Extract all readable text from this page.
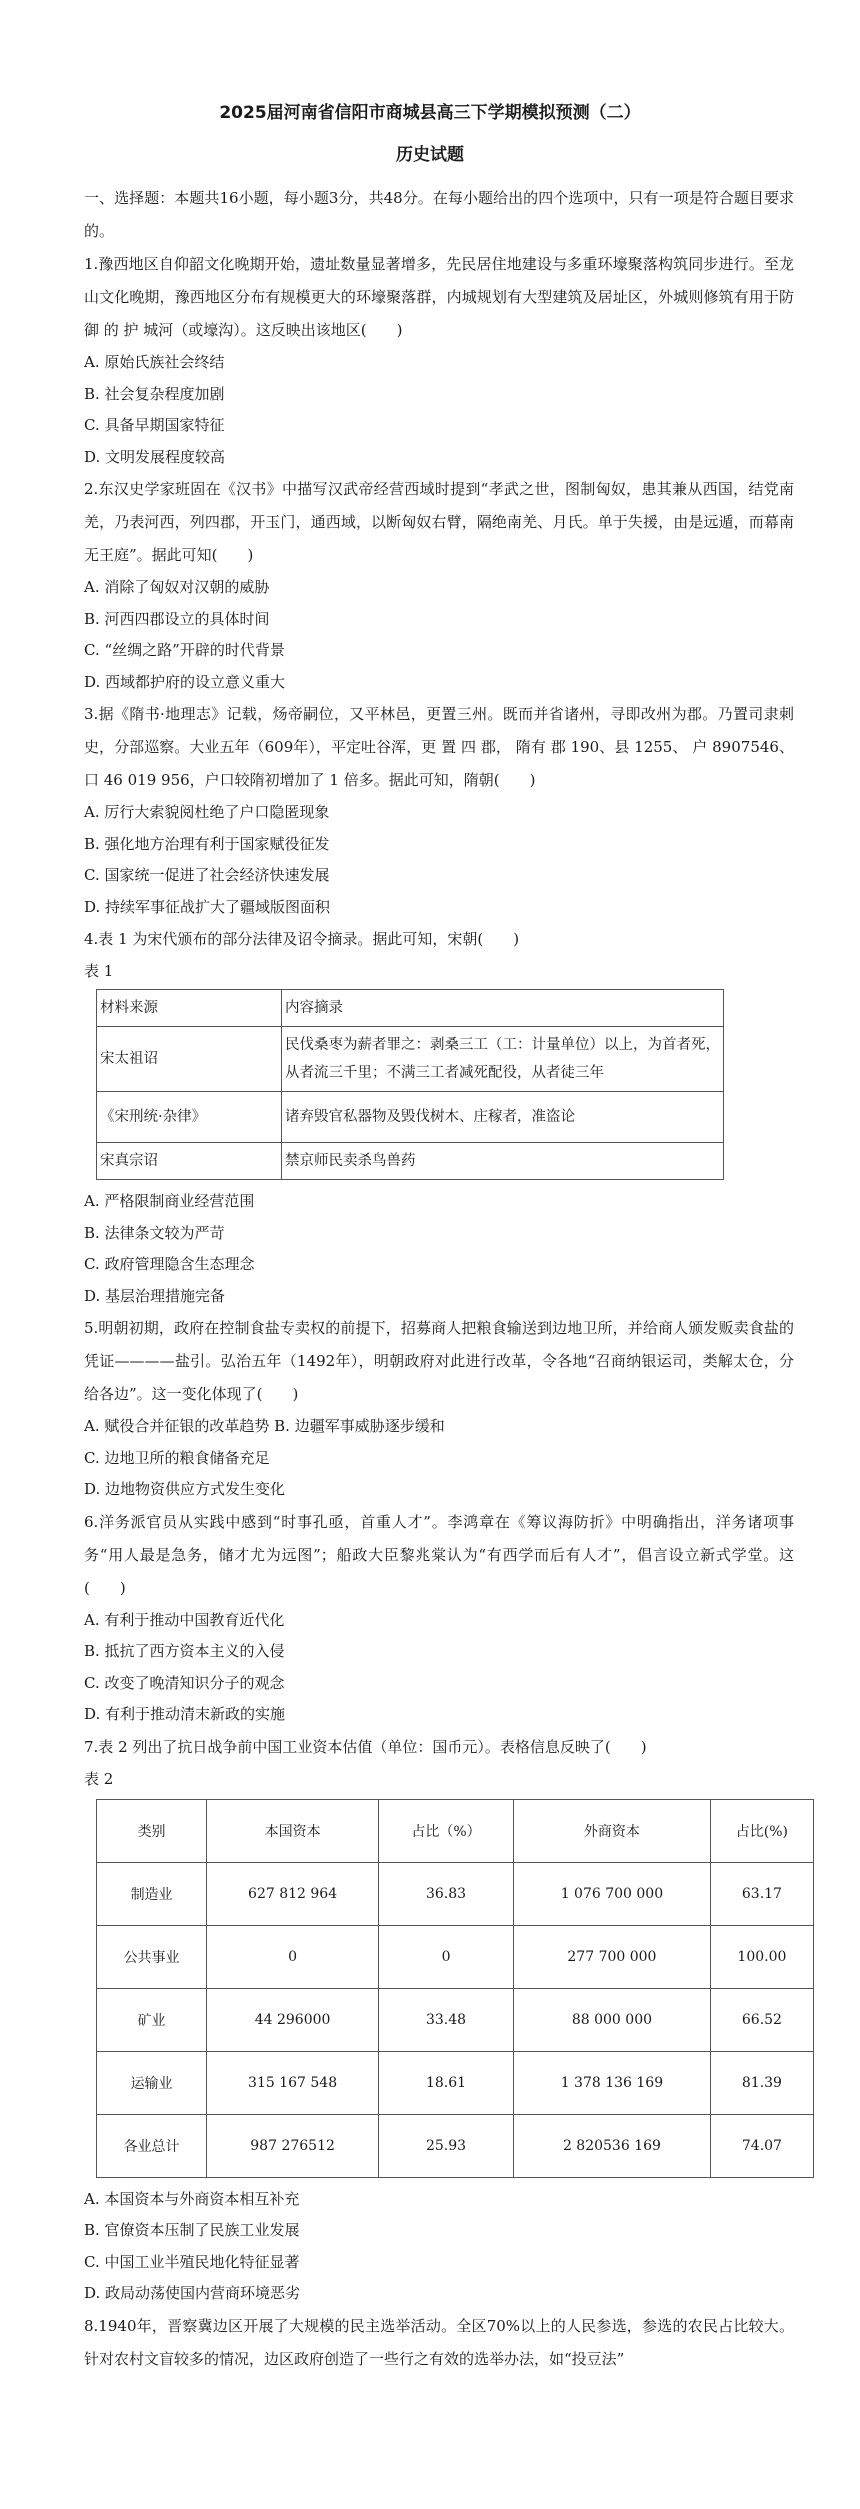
2025届河南省信阳市商城县高三下学期模拟预测（二）
历史试题

一、选择题：本题共16小题，每小题3分，共48分。在每小题给出的四个选项中，只有一项是符合题目要求的。

1.豫西地区自仰韶文化晚期开始，遗址数量显著增多，先民居住地建设与多重环壕聚落构筑同步进行。至龙山文化晚期，豫西地区分布有规模更大的环壕聚落群，内城规划有大型建筑及居址区，外城则修筑有用于防御 的 护 城河（或壕沟）。这反映出该地区(　　)

A. 原始氏族社会终结

B. 社会复杂程度加剧

C. 具备早期国家特征

D. 文明发展程度较高

2.东汉史学家班固在《汉书》中描写汉武帝经营西域时提到“孝武之世，图制匈奴，患其兼从西国，结党南羌，乃表河西，列四郡，开玉门，通西域，以断匈奴右臂，隔绝南羌、月氏。单于失援，由是远遁，而幕南无王庭”。据此可知(　　)

A. 消除了匈奴对汉朝的威胁

B. 河西四郡设立的具体时间

C. “丝绸之路”开辟的时代背景

D. 西域都护府的设立意义重大

3.据《隋书·地理志》记载，炀帝嗣位，又平林邑，更置三州。既而并省诸州，寻即改州为郡。乃置司隶刺史，分部巡察。大业五年（609年），平定吐谷浑，更 置 四 郡， 隋有 郡 190、县 1255、 户 8907546、口 46 019 956，户口较隋初增加了 1 倍多。据此可知，隋朝(　　)

A. 厉行大索貌阅杜绝了户口隐匿现象

B. 强化地方治理有利于国家赋役征发

C. 国家统一促进了社会经济快速发展

D. 持续军事征战扩大了疆域版图面积

4.表 1 为宋代颁布的部分法律及诏令摘录。据此可知，宋朝(　　)

表 1

材料来源	内容摘录
宋太祖诏	民伐桑枣为薪者罪之：剥桑三工（工：计量单位）以上，为首者死，从者流三千里；不满三工者减死配役，从者徒三年
《宋刑统·杂律》	诸弃毁官私器物及毁伐树木、庄稼者，准盗论
宋真宗诏	禁京师民卖杀鸟兽药

A. 严格限制商业经营范围

B. 法律条文较为严苛

C. 政府管理隐含生态理念

D. 基层治理措施完备

5.明朝初期，政府在控制食盐专卖权的前提下，招募商人把粮食输送到边地卫所，并给商人颁发贩卖食盐的凭证————盐引。弘治五年（1492年），明朝政府对此进行改革，令各地“召商纳银运司，类解太仓，分给各边”。这一变化体现了(　　)

A. 赋役合并征银的改革趋势 B. 边疆军事威胁逐步缓和

C. 边地卫所的粮食储备充足

D. 边地物资供应方式发生变化

6.洋务派官员从实践中感到“时事孔亟，首重人才”。李鸿章在《筹议海防折》中明确指出，洋务诸项事务“用人最是急务，储才尤为远图”；船政大臣黎兆棠认为“有西学而后有人才”，倡言设立新式学堂。这(　　)

A. 有利于推动中国教育近代化

B. 抵抗了西方资本主义的入侵

C. 改变了晚清知识分子的观念

D. 有利于推动清末新政的实施

7.表 2 列出了抗日战争前中国工业资本估值（单位：国币元）。表格信息反映了(　　)

表 2

类别	本国资本	占比（%）	外商资本	占比(%)
制造业	627 812 964	36.83	1 076 700 000	63.17
公共事业	0	0	277 700 000	100.00
矿业	44 296000	33.48	88 000 000	66.52
运输业	315 167 548	18.61	1 378 136 169	81.39
各业总计	987 276512	25.93	2 820536 169	74.07

A. 本国资本与外商资本相互补充

B. 官僚资本压制了民族工业发展

C. 中国工业半殖民地化特征显著

D. 政局动荡使国内营商环境恶劣

8.1940年，晋察冀边区开展了大规模的民主选举活动。全区70%以上的人民参选，参选的农民占比较大。针对农村文盲较多的情况，边区政府创造了一些行之有效的选举办法，如“投豆法”
